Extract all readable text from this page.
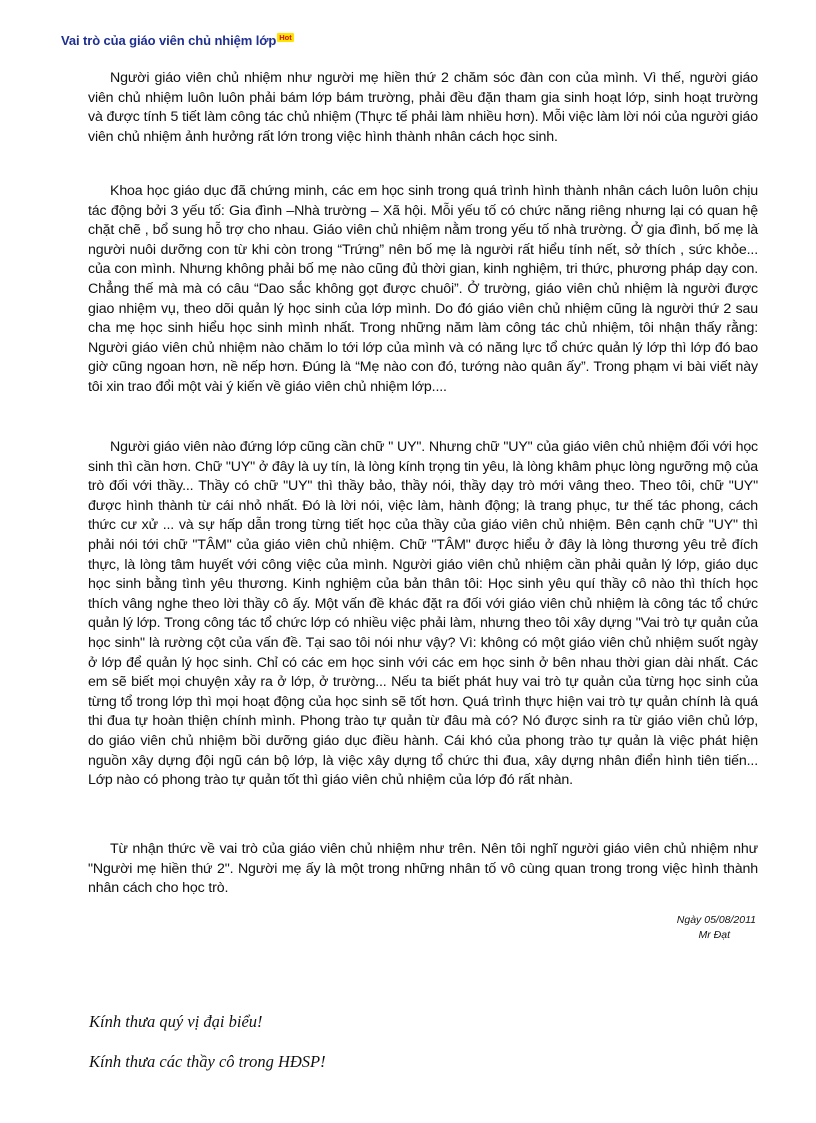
Vai trò của giáo viên chủ nhiệm lớp Hot

Người giáo viên chủ nhiệm như người mẹ hiền thứ 2 chăm sóc đàn con của mình. Vì thế, người giáo viên chủ nhiệm luôn luôn phải bám lớp bám trường, phải đều đặn tham gia sinh hoạt lớp, sinh hoạt trường và được tính 5 tiết làm công tác chủ nhiệm (Thực tế phải làm nhiều hơn). Mỗi việc làm lời nói của người giáo viên chủ nhiệm ảnh hưởng rất lớn trong việc hình thành nhân cách học sinh.

Khoa học giáo dục đã chứng minh, các em học sinh trong quá trình hình thành nhân cách luôn luôn chịu tác động bởi 3 yếu tố: Gia đình –Nhà trường – Xã hội. Mỗi yếu tố có chức năng riêng nhưng lại có quan hệ chặt chẽ , bổ sung hỗ trợ cho nhau. Giáo viên chủ nhiệm nằm trong yếu tố nhà trường. Ở gia đình, bố mẹ là người nuôi dưỡng con từ khi còn trong “Trứng” nên bố mẹ là người rất hiểu tính nết, sở thích , sức khỏe... của con mình. Nhưng không phải bố mẹ nào cũng đủ thời gian, kinh nghiệm, tri thức, phương pháp dạy con. Chẳng thế mà mà có câu “Dao sắc không gọt được chuôi”. Ở trường, giáo viên chủ nhiệm là người được giao nhiệm vụ, theo dõi quản lý học sinh của lớp mình. Do đó giáo viên chủ nhiệm cũng là người thứ 2 sau cha mẹ học sinh hiểu học sinh mình nhất. Trong những năm làm công tác chủ nhiệm, tôi nhận thấy rằng: Người giáo viên chủ nhiệm nào chăm lo tới lớp của mình và có năng lực tổ chức quản lý lớp thì lớp đó bao giờ cũng ngoan hơn, nề nếp hơn. Đúng là “Mẹ nào con đó, tướng nào quân ấy”. Trong phạm vi bài viết này tôi xin trao đổi một vài ý kiến về giáo viên chủ nhiệm lớp....

Người giáo viên nào đứng lớp cũng cần chữ " UY". Nhưng chữ "UY" của giáo viên chủ nhiệm đối với học sinh thì cần hơn. Chữ "UY" ở đây là uy tín, là lòng kính trọng tin yêu, là lòng khâm phục lòng ngưỡng mộ của trò đối với thầy... Thầy có chữ "UY" thì thầy bảo, thầy nói, thầy dạy trò mới vâng theo. Theo tôi, chữ "UY" được hình thành từ cái nhỏ nhất. Đó là lời nói, việc làm, hành động; là trang phục, tư thế tác phong, cách thức cư xử ... và sự hấp dẫn trong từng tiết học của thầy của giáo viên chủ nhiệm. Bên cạnh chữ "UY" thì phải nói tới chữ "TÂM" của giáo viên chủ nhiệm. Chữ "TÂM" được hiểu ở đây là lòng thương yêu trẻ đích thực, là lòng tâm huyết với công việc của mình. Người giáo viên chủ nhiệm cần phải quản lý lớp, giáo dục học sinh bằng tình yêu thương. Kinh nghiệm của bản thân tôi: Học sinh yêu quí thầy cô nào thì thích học thích vâng nghe theo lời thầy cô ấy. Một vấn đề khác đặt ra đối với giáo viên chủ nhiệm là công tác tổ chức quản lý lớp. Trong công tác tổ chức lớp có nhiều việc phải làm, nhưng theo tôi xây dựng "Vai trò tự quản của học sinh" là rường cột của vấn đề. Tại sao tôi nói như vậy? Vì: không có một giáo viên chủ nhiệm suốt ngày ở lớp để quản lý học sinh. Chỉ có các em học sinh với các em học sinh ở bên nhau thời gian dài nhất. Các em sẽ biết mọi chuyện xảy ra ở lớp, ở trường... Nếu ta biết phát huy vai trò tự quản của từng học sinh của từng tổ trong lớp thì mọi hoạt động của học sinh sẽ tốt hơn. Quá trình thực hiện vai trò tự quản chính là quá thi đua tự hoàn thiện chính mình. Phong trào tự quản từ đâu mà có? Nó được sinh ra từ giáo viên chủ lớp, do giáo viên chủ nhiệm bồi dưỡng giáo dục điều hành. Cái khó của phong trào tự quản là việc phát hiện nguồn xây dựng đội ngũ cán bộ lớp, là việc xây dựng tổ chức thi đua, xây dựng nhân điển hình tiên tiến... Lớp nào có phong trào tự quản tốt thì giáo viên chủ nhiệm của lớp đó rất nhàn.

Từ nhận thức về vai trò của giáo viên chủ nhiệm như trên. Nên tôi nghĩ người giáo viên chủ nhiệm như "Người mẹ hiền thứ 2". Người mẹ ấy là một trong những nhân tố vô cùng quan trong trong việc hình thành nhân cách cho học trò.

Ngày 05/08/2011
Mr Đạt
Kính thưa quý vị đại biểu!
Kính thưa các thầy cô trong HĐSP!
